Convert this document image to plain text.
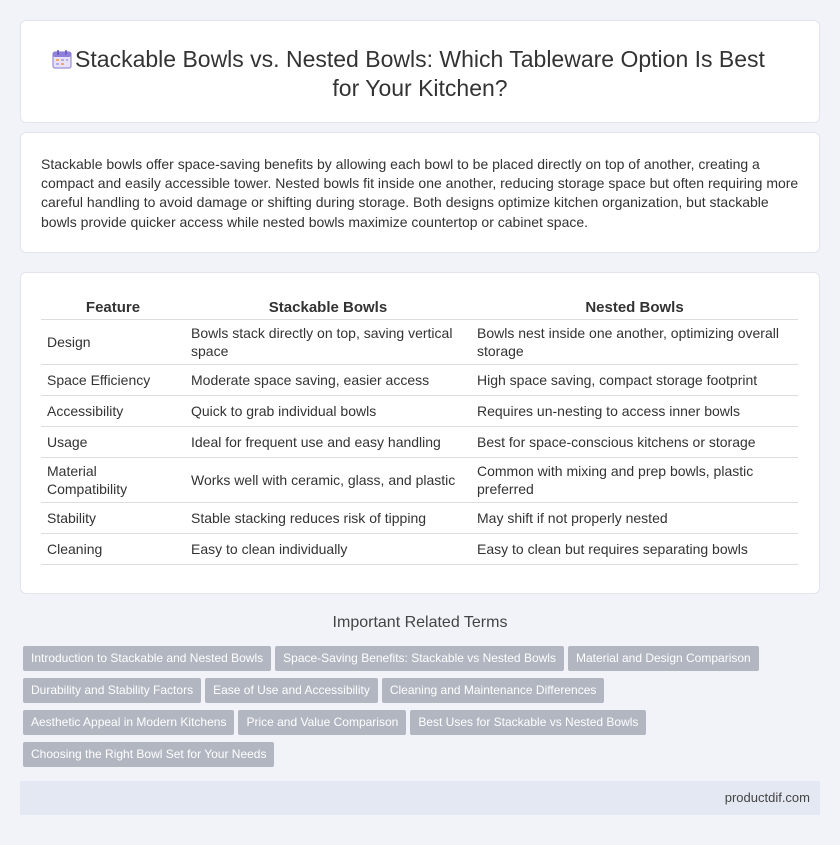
Stackable Bowls vs. Nested Bowls: Which Tableware Option Is Best for Your Kitchen?

Stackable bowls offer space-saving benefits by allowing each bowl to be placed directly on top of another, creating a compact and easily accessible tower. Nested bowls fit inside one another, reducing storage space but often requiring more careful handling to avoid damage or shifting during storage. Both designs optimize kitchen organization, but stackable bowls provide quicker access while nested bowls maximize countertop or cabinet space.

Feature	Stackable Bowls	Nested Bowls
Design	Bowls stack directly on top, saving vertical space	Bowls nest inside one another, optimizing overall storage
Space Efficiency	Moderate space saving, easier access	High space saving, compact storage footprint
Accessibility	Quick to grab individual bowls	Requires un-nesting to access inner bowls
Usage	Ideal for frequent use and easy handling	Best for space-conscious kitchens or storage
Material Compatibility	Works well with ceramic, glass, and plastic	Common with mixing and prep bowls, plastic preferred
Stability	Stable stacking reduces risk of tipping	May shift if not properly nested
Cleaning	Easy to clean individually	Easy to clean but requires separating bowls
Important Related Terms
Introduction to Stackable and Nested Bowls Space-Saving Benefits: Stackable vs Nested Bowls Material and Design Comparison
Durability and Stability Factors Ease of Use and Accessibility Cleaning and Maintenance Differences
Aesthetic Appeal in Modern Kitchens Price and Value Comparison Best Uses for Stackable vs Nested Bowls
Choosing the Right Bowl Set for Your Needs
productdif.com
